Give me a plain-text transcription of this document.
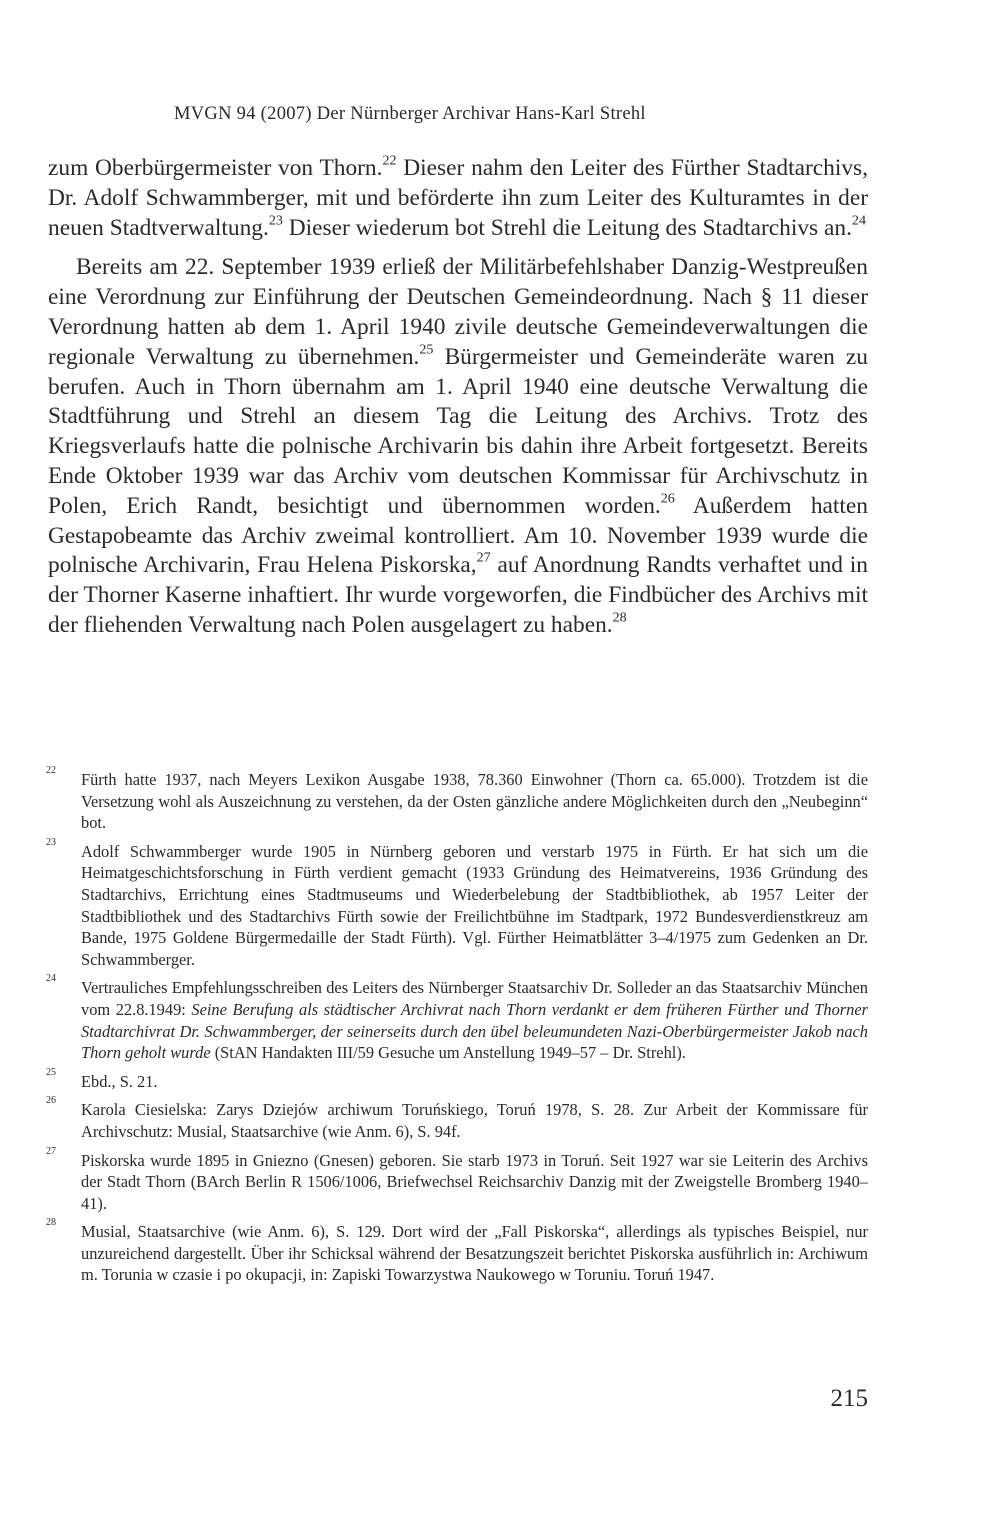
MVGN 94 (2007) Der Nürnberger Archivar Hans-Karl Strehl

zum Oberbürgermeister von Thorn.$^{22}$ Dieser nahm den Leiter des Fürther Stadtarchivs, Dr. Adolf Schwammberger, mit und beförderte ihn zum Leiter des Kulturamtes in der neuen Stadtverwaltung.$^{23}$ Dieser wiederum bot Strehl die Leitung des Stadtarchivs an.$^{24}$

Bereits am 22. September 1939 erließ der Militärbefehlshaber Danzig-Westpreußen eine Verordnung zur Einführung der Deutschen Gemeindeordnung. Nach § 11 dieser Verordnung hatten ab dem 1. April 1940 zivile deutsche Gemeindeverwaltungen die regionale Verwaltung zu übernehmen.$^{25}$ Bürgermeister und Gemeinderäte waren zu berufen. Auch in Thorn übernahm am 1. April 1940 eine deutsche Verwaltung die Stadtführung und Strehl an diesem Tag die Leitung des Archivs. Trotz des Kriegsverlaufs hatte die polnische Archivarin bis dahin ihre Arbeit fortgesetzt. Bereits Ende Oktober 1939 war das Archiv vom deutschen Kommissar für Archivschutz in Polen, Erich Randt, besichtigt und übernommen worden.$^{26}$ Außerdem hatten Gestapobeamte das Archiv zweimal kontrolliert. Am 10. November 1939 wurde die polnische Archivarin, Frau Helena Piskorska,$^{27}$ auf Anordnung Randts verhaftet und in der Thorner Kaserne inhaftiert. Ihr wurde vorgeworfen, die Findbücher des Archivs mit der fliehenden Verwaltung nach Polen ausgelagert zu haben.$^{28}$

22	Fürth hatte 1937, nach Meyers Lexikon Ausgabe 1938, 78.360 Einwohner (Thorn ca. 65.000). Trotzdem ist die Versetzung wohl als Auszeichnung zu verstehen, da der Osten gänzliche andere Möglichkeiten durch den „Neubeginn“ bot.
23	Adolf Schwammberger wurde 1905 in Nürnberg geboren und verstarb 1975 in Fürth. Er hat sich um die Heimatgeschichtsforschung in Fürth verdient gemacht (1933 Gründung des Heimatvereins, 1936 Gründung des Stadtarchivs, Errichtung eines Stadtmuseums und Wiederbelebung der Stadtbibliothek, ab 1957 Leiter der Stadtbibliothek und des Stadtarchivs Fürth sowie der Freilichtbühne im Stadtpark, 1972 Bundesverdienstkreuz am Bande, 1975 Goldene Bürgermedaille der Stadt Fürth). Vgl. Fürther Heimatblätter 3–4/1975 zum Gedenken an Dr. Schwammberger.
24	Vertrauliches Empfehlungsschreiben des Leiters des Nürnberger Staatsarchiv Dr. Solleder an das Staatsarchiv München vom 22.8.1949: Seine Berufung als städtischer Archivrat nach Thorn verdankt er dem früheren Fürther und Thorner Stadtarchivrat Dr. Schwammberger, der seinerseits durch den übel beleumundeten Nazi-Oberbürgermeister Jakob nach Thorn geholt wurde (StAN Handakten III/59 Gesuche um Anstellung 1949–57 – Dr. Strehl).
25	Ebd., S. 21.
26	Karola Ciesielska: Zarys Dziejów archiwum Toruńskiego, Toruń 1978, S. 28. Zur Arbeit der Kommissare für Archivschutz: Musial, Staatsarchive (wie Anm. 6), S. 94f.
27	Piskorska wurde 1895 in Gniezno (Gnesen) geboren. Sie starb 1973 in Toruń. Seit 1927 war sie Leiterin des Archivs der Stadt Thorn (BArch Berlin R 1506/1006, Briefwechsel Reichsarchiv Danzig mit der Zweigstelle Bromberg 1940–41).
28	Musial, Staatsarchive (wie Anm. 6), S. 129. Dort wird der „Fall Piskorska“, allerdings als typisches Beispiel, nur unzureichend dargestellt. Über ihr Schicksal während der Besatzungszeit berichtet Piskorska ausführlich in: Archiwum m. Torunia w czasie i po okupacji, in: Zapiski Towarzystwa Naukowego w Toruniu. Toruń 1947.
215
